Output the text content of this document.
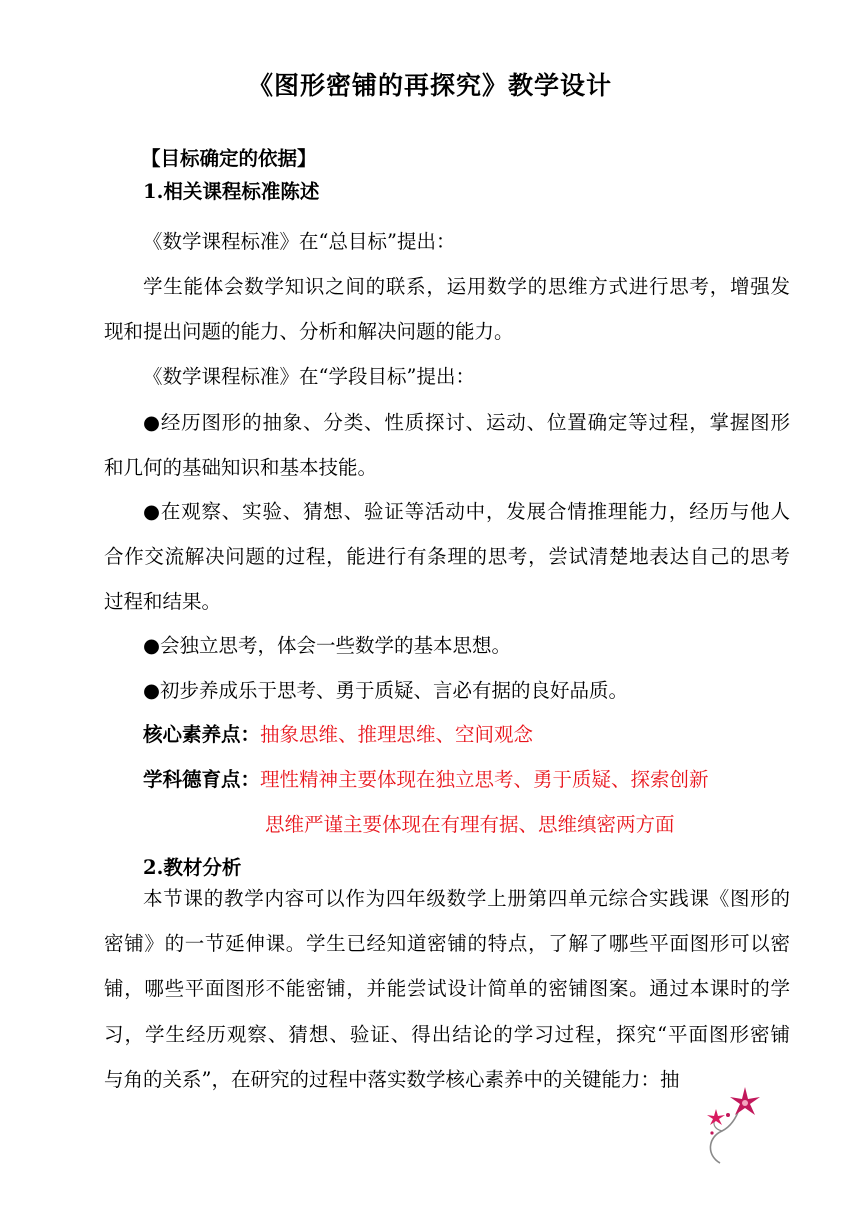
《图形密铺的再探究》教学设计
【目标确定的依据】
1.相关课程标准陈述
《数学课程标准》在“总目标”提出：
学生能体会数学知识之间的联系，运用数学的思维方式进行思考，增强发
现和提出问题的能力、分析和解决问题的能力。
《数学课程标准》在“学段目标”提出：
●经历图形的抽象、分类、性质探讨、运动、位置确定等过程，掌握图形
和几何的基础知识和基本技能。
●在观察、实验、猜想、验证等活动中，发展合情推理能力，经历与他人
合作交流解决问题的过程，能进行有条理的思考，尝试清楚地表达自己的思考
过程和结果。
●会独立思考，体会一些数学的基本思想。
●初步养成乐于思考、勇于质疑、言必有据的良好品质。
核心素养点：抽象思维、推理思维、空间观念
学科德育点：理性精神主要体现在独立思考、勇于质疑、探索创新
思维严谨主要体现在有理有据、思维缜密两方面
2.教材分析
本节课的教学内容可以作为四年级数学上册第四单元综合实践课《图形的
密铺》的一节延伸课。学生已经知道密铺的特点，了解了哪些平面图形可以密
铺，哪些平面图形不能密铺，并能尝试设计简单的密铺图案。通过本课时的学
习，学生经历观察、猜想、验证、得出结论的学习过程，探究“平面图形密铺
与角的关系”，在研究的过程中落实数学核心素养中的关键能力：抽
